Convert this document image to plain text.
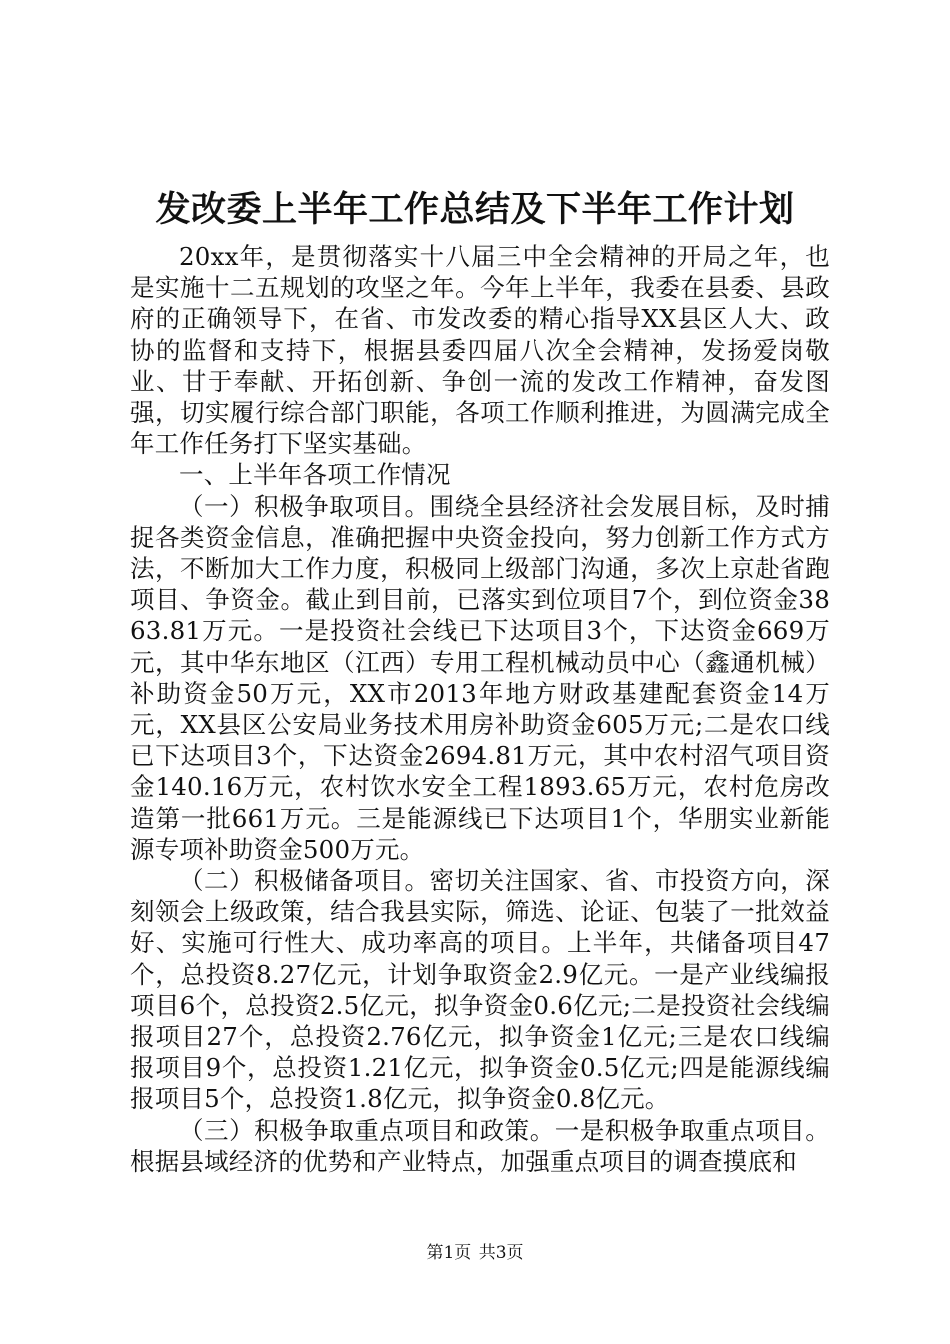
发改委上半年工作总结及下半年工作计划

20xx年，是贯彻落实十八届三中全会精神的开局之年，也是实施十二五规划的攻坚之年。今年上半年，我委在县委、县政府的正确领导下，在省、市发改委的精心指导XX县区人大、政协的监督和支持下，根据县委四届八次全会精神，发扬爱岗敬业、甘于奉献、开拓创新、争创一流的发改工作精神，奋发图强，切实履行综合部门职能，各项工作顺利推进，为圆满完成全年工作任务打下坚实基础。

一、上半年各项工作情况

（一）积极争取项目。围绕全县经济社会发展目标，及时捕捉各类资金信息，准确把握中央资金投向，努力创新工作方式方法，不断加大工作力度，积极同上级部门沟通，多次上京赴省跑项目、争资金。截止到目前，已落实到位项目7个，到位资金3863.81万元。一是投资社会线已下达项目3个，下达资金669万元，其中华东地区（江西）专用工程机械动员中心（鑫通机械）补助资金50万元，XX市2013年地方财政基建配套资金14万元，XX县区公安局业务技术用房补助资金605万元;二是农口线已下达项目3个，下达资金2694.81万元，其中农村沼气项目资金140.16万元，农村饮水安全工程1893.65万元，农村危房改造第一批661万元。三是能源线已下达项目1个，华朋实业新能源专项补助资金500万元。

（二）积极储备项目。密切关注国家、省、市投资方向，深刻领会上级政策，结合我县实际，筛选、论证、包装了一批效益好、实施可行性大、成功率高的项目。上半年，共储备项目47个，总投资8.27亿元，计划争取资金2.9亿元。一是产业线编报项目6个，总投资2.5亿元，拟争资金0.6亿元;二是投资社会线编报项目27个，总投资2.76亿元，拟争资金1亿元;三是农口线编报项目9个，总投资1.21亿元，拟争资金0.5亿元;四是能源线编报项目5个，总投资1.8亿元，拟争资金0.8亿元。

（三）积极争取重点项目和政策。一是积极争取重点项目。根据县域经济的优势和产业特点，加强重点项目的调查摸底和

第1页 共3页
